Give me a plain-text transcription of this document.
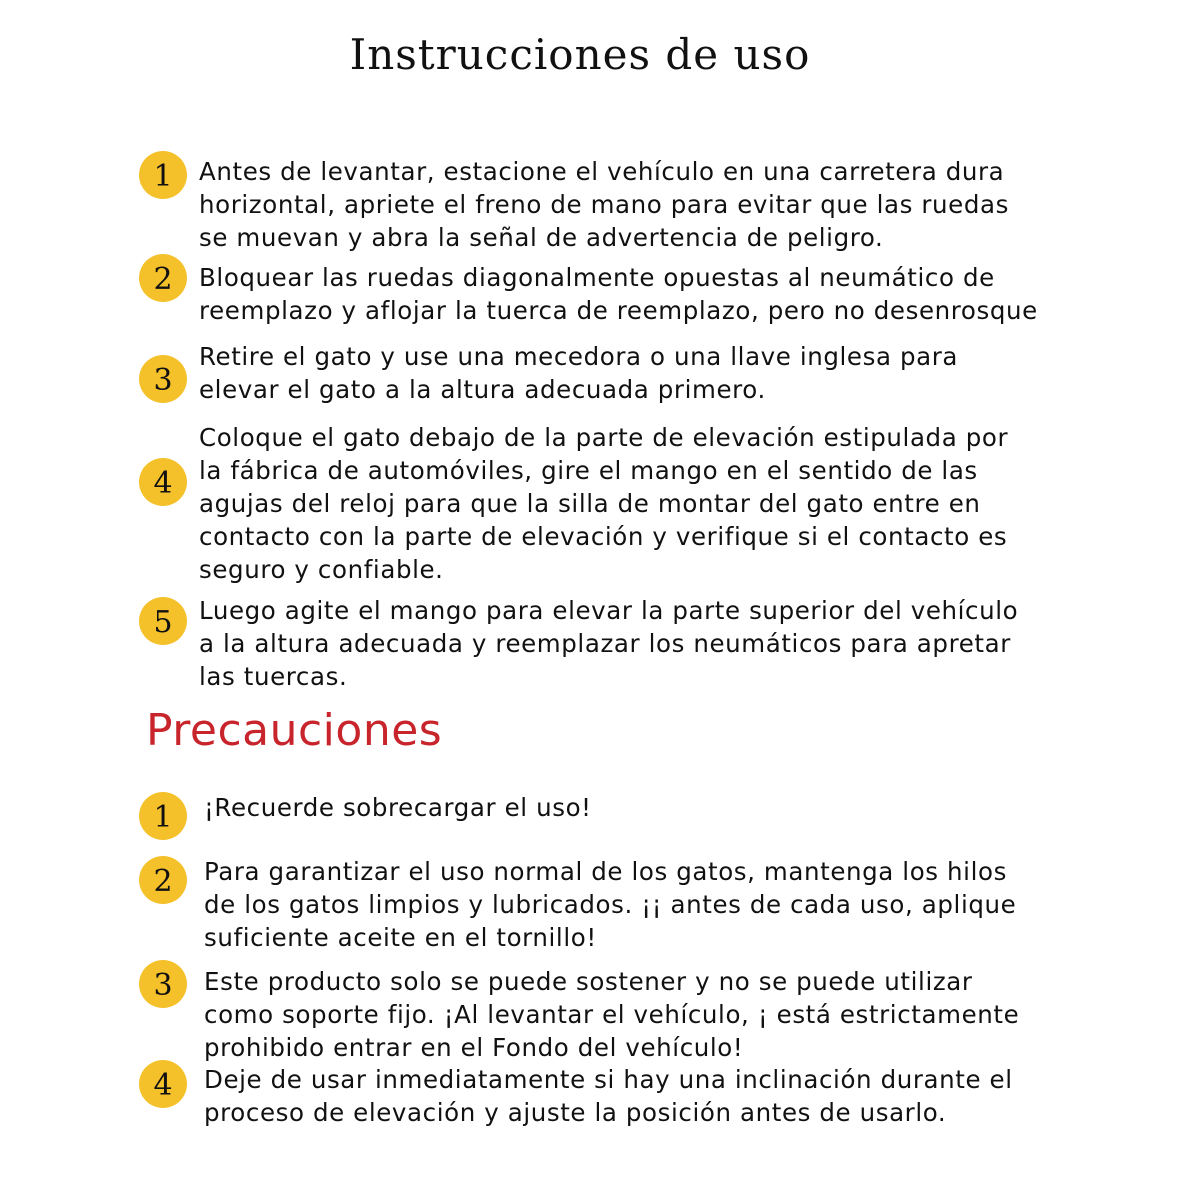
Instrucciones de uso
1	Antes de levantar, estacione el vehículo en una carretera dura
horizontal, apriete el freno de mano para evitar que las ruedas
se muevan y abra la señal de advertencia de peligro.
2	Bloquear las ruedas diagonalmente opuestas al neumático de
reemplazo y aflojar la tuerca de reemplazo, pero no desenrosque
3
Retire el gato y use una mecedora o una llave inglesa para
elevar el gato a la altura adecuada primero.
4
Coloque el gato debajo de la parte de elevación estipulada por
la fábrica de automóviles, gire el mango en el sentido de las
agujas del reloj para que la silla de montar del gato entre en
contacto con la parte de elevación y verifique si el contacto es
seguro y confiable.
5	Luego agite el mango para elevar la parte superior del vehículo
a la altura adecuada y reemplazar los neumáticos para apretar
las tuercas.
Precauciones
1	¡Recuerde sobrecargar el uso!
2	Para garantizar el uso normal de los gatos, mantenga los hilos
de los gatos limpios y lubricados. ¡¡ antes de cada uso, aplique
suficiente aceite en el tornillo!
3	Este producto solo se puede sostener y no se puede utilizar
como soporte fijo. ¡Al levantar el vehículo, ¡ está estrictamente
prohibido entrar en el Fondo del vehículo!
4	Deje de usar inmediatamente si hay una inclinación durante el
proceso de elevación y ajuste la posición antes de usarlo.
